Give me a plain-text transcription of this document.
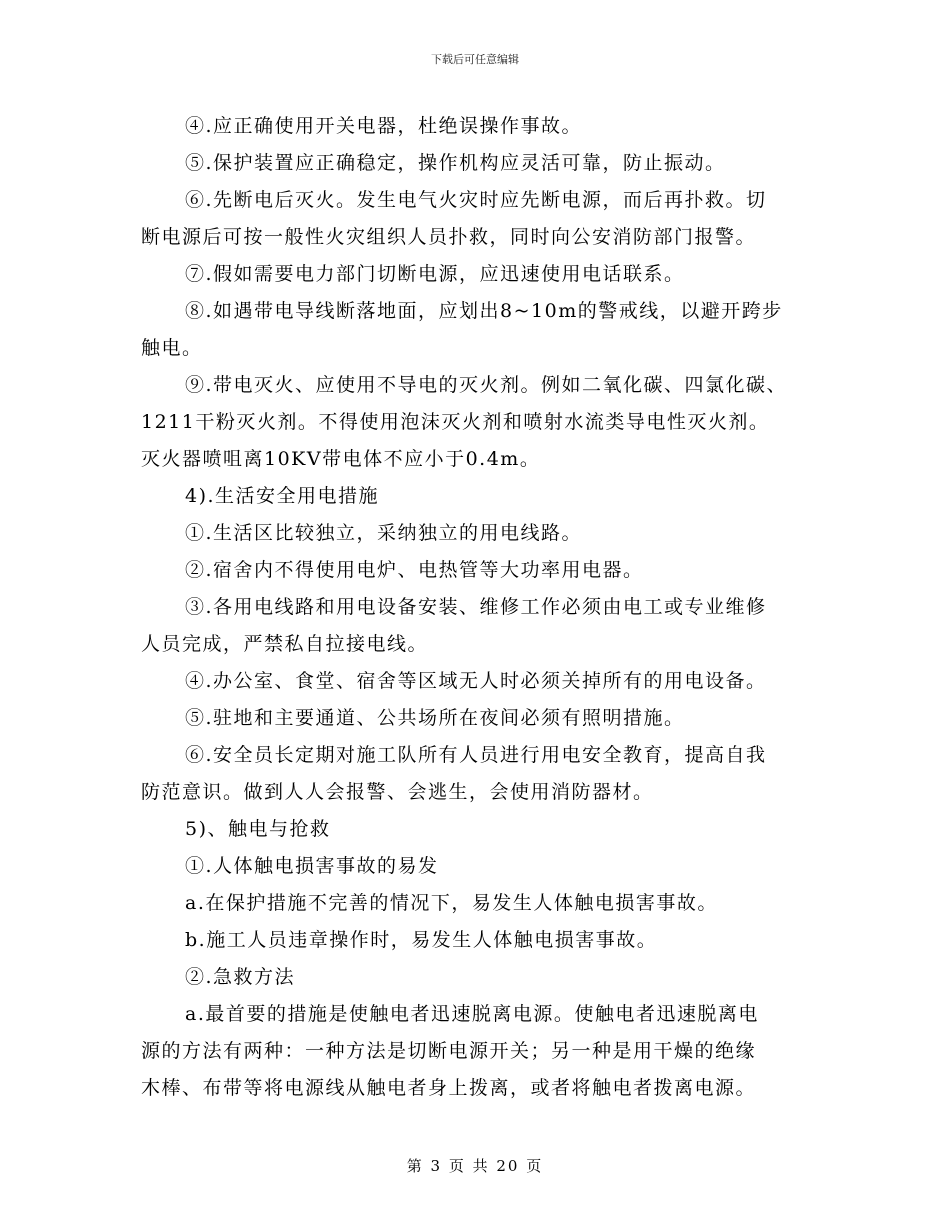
下载后可任意编辑
④.应正确使用开关电器，杜绝误操作事故。
⑤.保护装置应正确稳定，操作机构应灵活可靠，防止振动。
⑥.先断电后灭火。发生电气火灾时应先断电源，而后再扑救。切
断电源后可按一般性火灾组织人员扑救，同时向公安消防部门报警。
⑦.假如需要电力部门切断电源，应迅速使用电话联系。
⑧.如遇带电导线断落地面，应划出8~10m的警戒线，以避开跨步
触电。
⑨.带电灭火、应使用不导电的灭火剂。例如二氧化碳、四氯化碳、
1211干粉灭火剂。不得使用泡沫灭火剂和喷射水流类导电性灭火剂。
灭火器喷咀离10KV带电体不应小于0.4m。
4).生活安全用电措施
①.生活区比较独立，采纳独立的用电线路。
②.宿舍内不得使用电炉、电热管等大功率用电器。
③.各用电线路和用电设备安装、维修工作必须由电工或专业维修
人员完成，严禁私自拉接电线。
④.办公室、食堂、宿舍等区域无人时必须关掉所有的用电设备。
⑤.驻地和主要通道、公共场所在夜间必须有照明措施。
⑥.安全员长定期对施工队所有人员进行用电安全教育，提高自我
防范意识。做到人人会报警、会逃生，会使用消防器材。
5)、触电与抢救
①.人体触电损害事故的易发
a.在保护措施不完善的情况下，易发生人体触电损害事故。
b.施工人员违章操作时，易发生人体触电损害事故。
②.急救方法
a.最首要的措施是使触电者迅速脱离电源。使触电者迅速脱离电
源的方法有两种：一种方法是切断电源开关；另一种是用干燥的绝缘
木棒、布带等将电源线从触电者身上拨离，或者将触电者拨离电源。
第 3 页 共 20 页
